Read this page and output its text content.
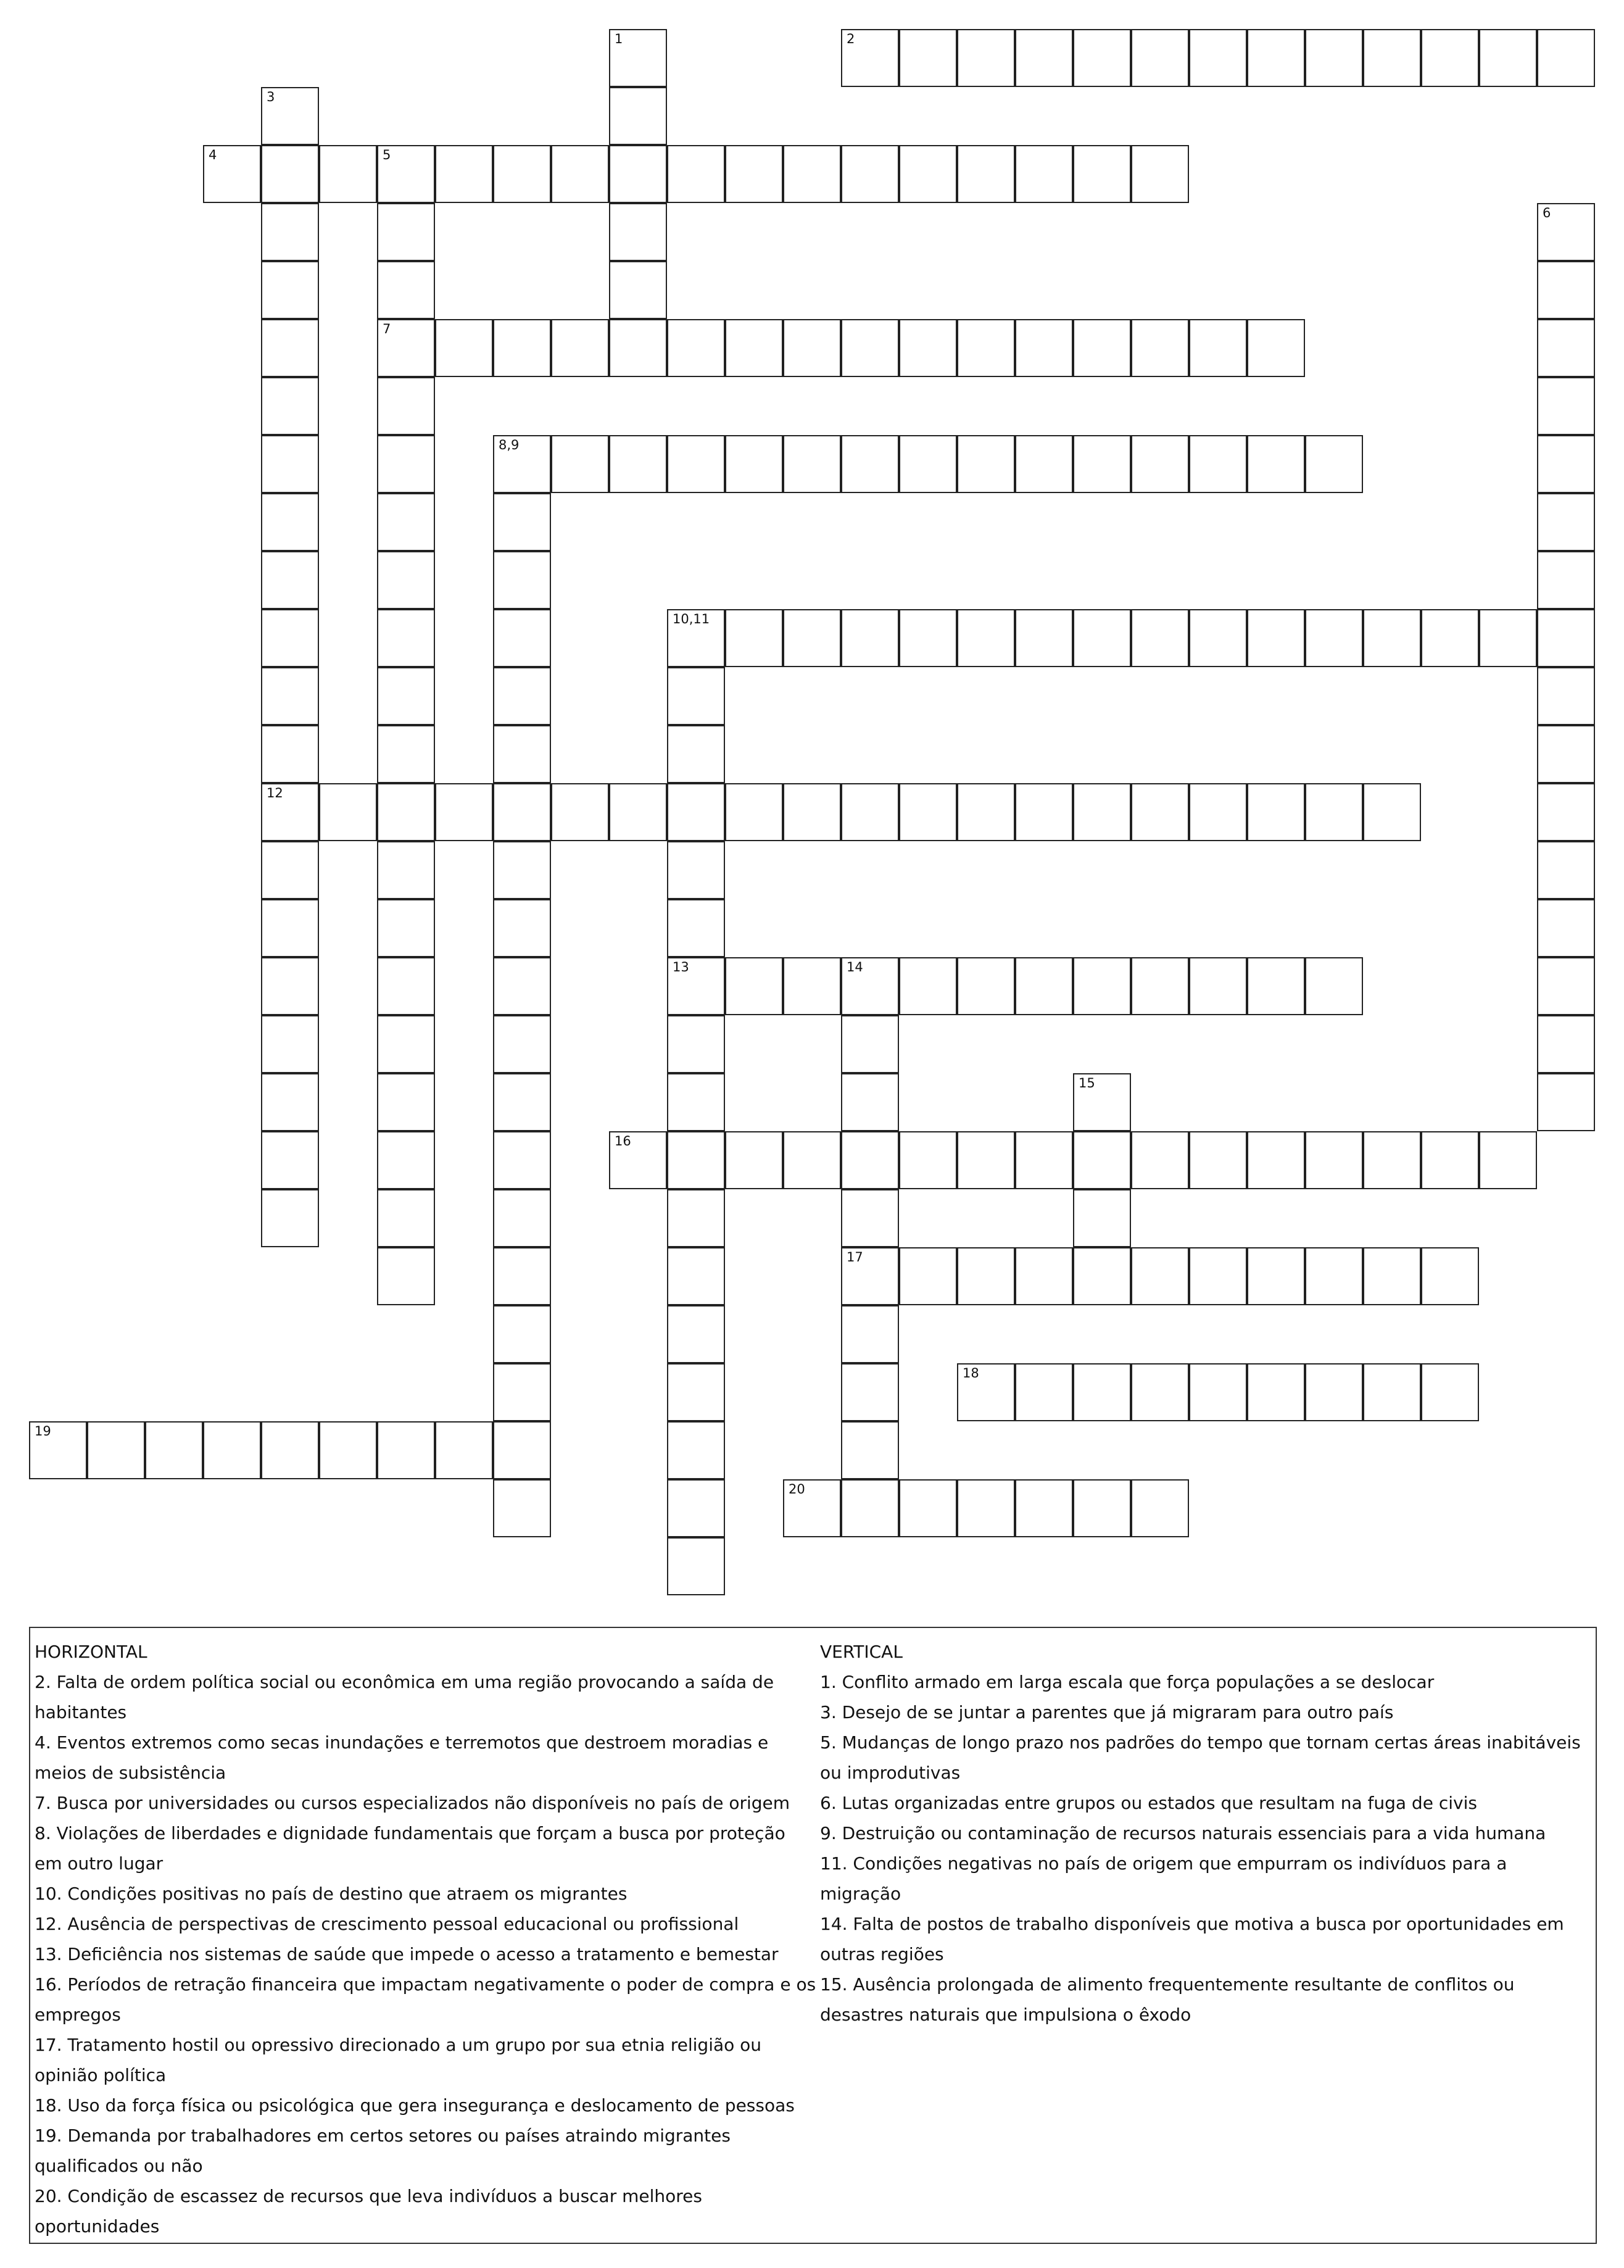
1	2
3
12
4	5
7
6
8,9
10,11
13	14
17
15
16
18
19
20
HORIZONTAL
2. Falta de ordem política social ou econômica em uma região provocando a saída de habitantes
4. Eventos extremos como secas inundações e terremotos que destroem moradias e meios de subsistência
7. Busca por universidades ou cursos especializados não disponíveis no país de origem
8. Violações de liberdades e dignidade fundamentais que forçam a busca por proteção em outro lugar
10. Condições positivas no país de destino que atraem os migrantes
12. Ausência de perspectivas de crescimento pessoal educacional ou profissional
13. Deficiência nos sistemas de saúde que impede o acesso a tratamento e bemestar
16. Períodos de retração financeira que impactam negativamente o poder de compra e os empregos
17. Tratamento hostil ou opressivo direcionado a um grupo por sua etnia religião ou opinião política
18. Uso da força física ou psicológica que gera insegurança e deslocamento de pessoas
19. Demanda por trabalhadores em certos setores ou países atraindo migrantes qualificados ou não
20. Condição de escassez de recursos que leva indivíduos a buscar melhores oportunidades
VERTICAL
1. Conflito armado em larga escala que força populações a se deslocar
3. Desejo de se juntar a parentes que já migraram para outro país
5. Mudanças de longo prazo nos padrões do tempo que tornam certas áreas inabitáveis ou improdutivas
6. Lutas organizadas entre grupos ou estados que resultam na fuga de civis
9. Destruição ou contaminação de recursos naturais essenciais para a vida humana
11. Condições negativas no país de origem que empurram os indivíduos para a migração
14. Falta de postos de trabalho disponíveis que motiva a busca por oportunidades em outras regiões
15. Ausência prolongada de alimento frequentemente resultante de conflitos ou desastres naturais que impulsiona o êxodo
